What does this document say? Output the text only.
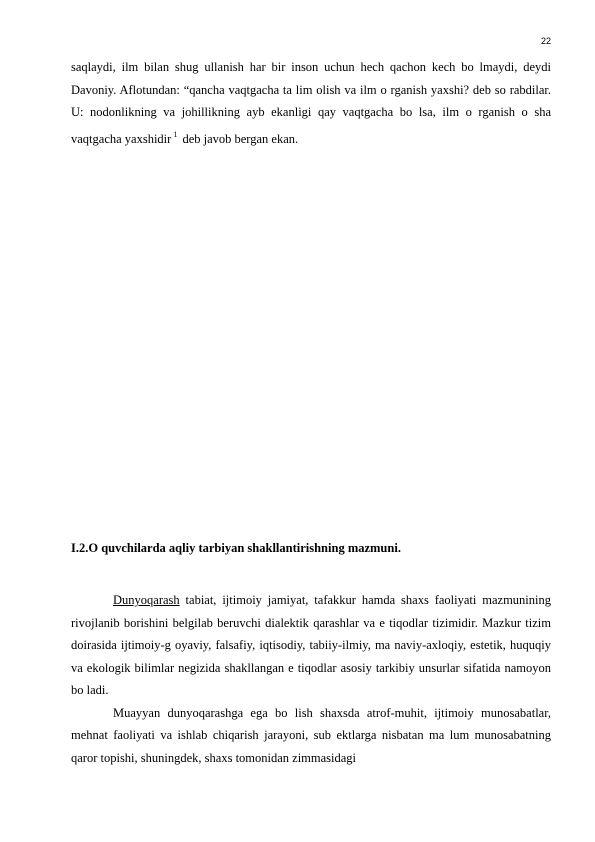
22
saqlaydi, ilm bilan shug ullanish har bir inson uchun hech qachon kech bo lmaydi, deydi Davoniy. Aflotundan: “qancha vaqtgacha ta lim olish va ilm o rganish yaxshi? deb so rabdilar. U: nodonlikning va johillikning ayb ekanligi qay vaqtgacha bo lsa, ilm o rganish o sha vaqtgacha yaxshidir $^1$ deb javob bergan ekan.
I.2.O quvchilarda aqliy tarbiyan shakllantirishning mazmuni.

Dunyoqarash tabiat, ijtimoiy jamiyat, tafakkur hamda shaxs faoliyati mazmunining rivojlanib borishini belgilab beruvchi dialektik qarashlar va e tiqodlar tizimidir. Mazkur tizim doirasida ijtimoiy-g oyaviy, falsafiy, iqtisodiy, tabiiy-ilmiy, ma naviy-axloqiy, estetik, huquqiy va ekologik bilimlar negizida shakllangan e tiqodlar asosiy tarkibiy unsurlar sifatida namoyon bo ladi.

Muayyan dunyoqarashga ega bo lish shaxsda atrof-muhit, ijtimoiy munosabatlar, mehnat faoliyati va ishlab chiqarish jarayoni, sub ektlarga nisbatan ma lum munosabatning qaror topishi, shuningdek, shaxs tomonidan zimmasidagi
